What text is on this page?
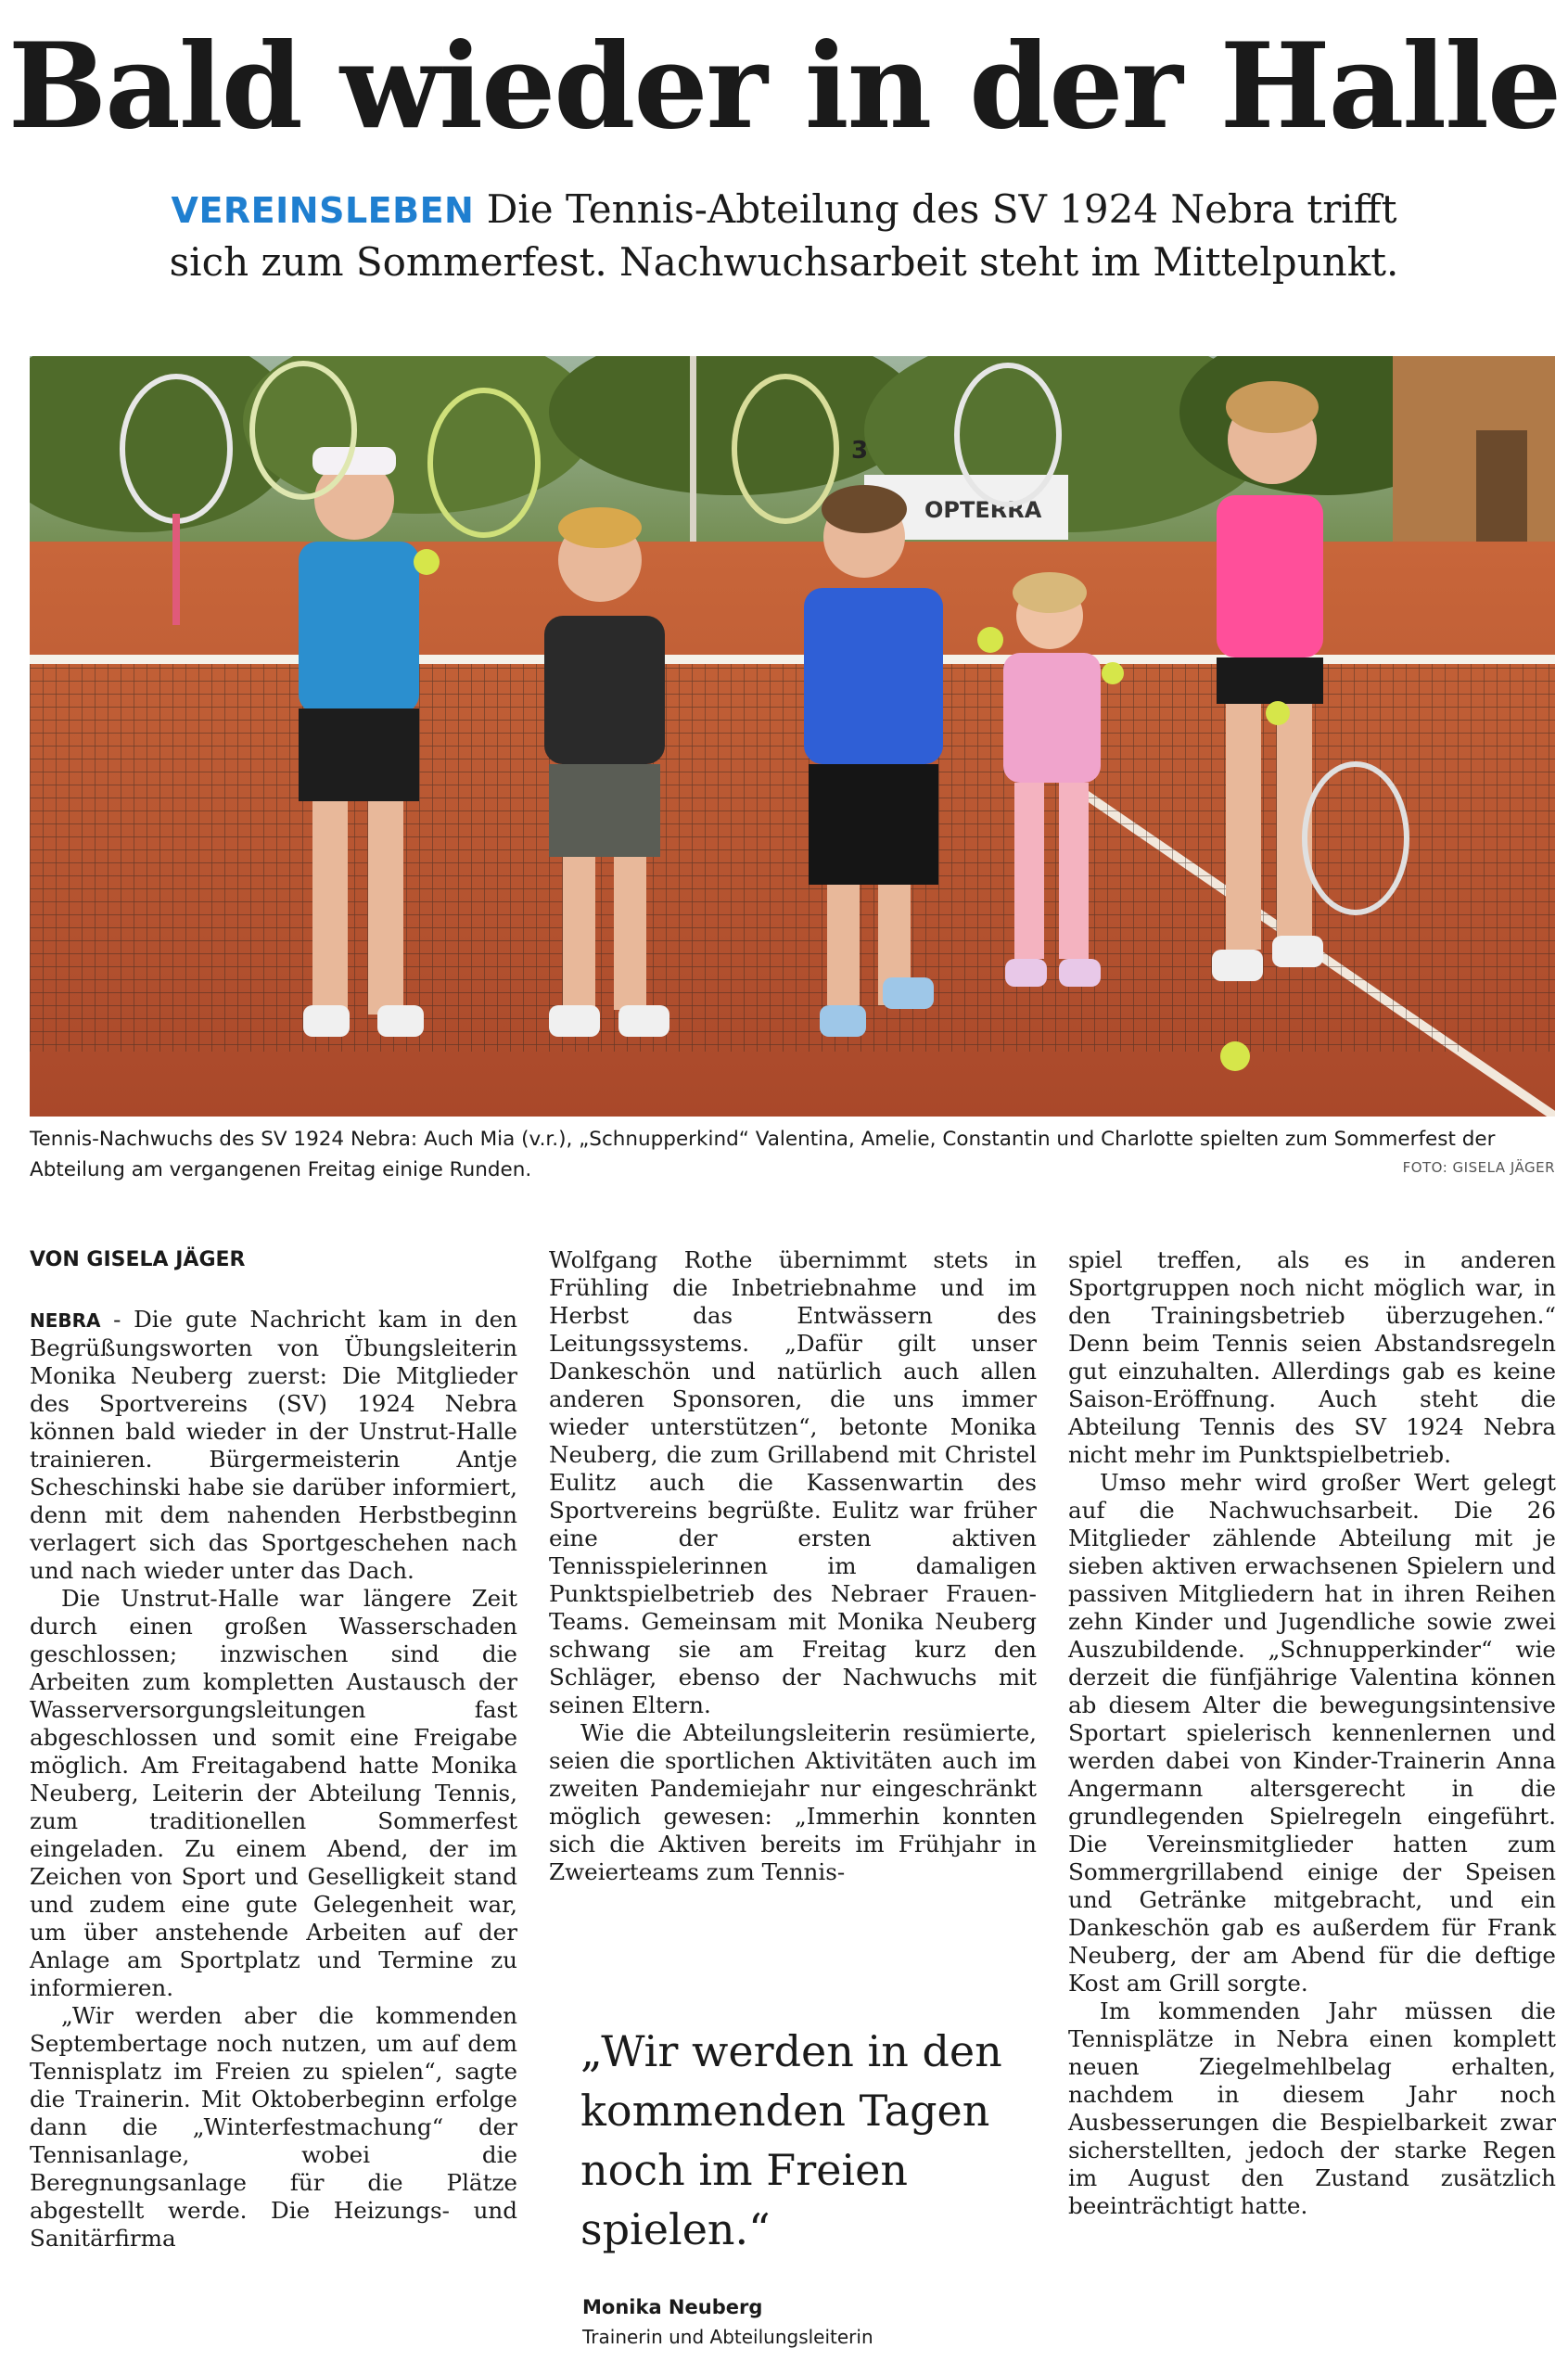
Bald wieder in der Halle
VEREINSLEBEN Die Tennis-Abteilung des SV 1924 Nebra trifft sich zum Sommerfest. Nachwuchsarbeit steht im Mittelpunkt.
3
OPTERRA
Tennis-Nachwuchs des SV 1924 Nebra: Auch Mia (v.r.), „Schnupperkind“ Valentina, Amelie, Constantin und Charlotte spielten zum Sommerfest der Abteilung am vergangenen Freitag einige Runden.	FOTO: GISELA JÄGER
VON GISELA JÄGER

NEBRA - Die gute Nachricht kam in den Begrüßungsworten von Übungsleiterin Monika Neuberg zuerst: Die Mitglieder des Sportvereins (SV) 1924 Nebra können bald wieder in der Unstrut-Halle trainieren. Bürgermeisterin Antje Scheschinski habe sie darüber informiert, denn mit dem nahenden Herbstbeginn verlagert sich das Sportgeschehen nach und nach wieder unter das Dach.

Die Unstrut-Halle war längere Zeit durch einen großen Wasserschaden geschlossen; inzwischen sind die Arbeiten zum kompletten Austausch der Wasserversorgungsleitungen fast abgeschlossen und somit eine Freigabe möglich. Am Freitagabend hatte Monika Neuberg, Leiterin der Abteilung Tennis, zum traditionellen Sommerfest eingeladen. Zu einem Abend, der im Zeichen von Sport und Geselligkeit stand und zudem eine gute Gelegenheit war, um über anstehende Arbeiten auf der Anlage am Sportplatz und Termine zu informieren.

„Wir werden aber die kommenden Septembertage noch nutzen, um auf dem Tennisplatz im Freien zu spielen“, sagte die Trainerin. Mit Oktoberbeginn erfolge dann die „Winterfestmachung“ der Tennisanlage, wobei die Beregnungsanlage für die Plätze abgestellt werde. Die Heizungs- und Sanitärfirma

Wolfgang Rothe übernimmt stets in Frühling die Inbetriebnahme und im Herbst das Entwässern des Leitungssystems. „Dafür gilt unser Dankeschön und natürlich auch allen anderen Sponsoren, die uns immer wieder unterstützen“, betonte Monika Neuberg, die zum Grillabend mit Christel Eulitz auch die Kassenwartin des Sportvereins begrüßte. Eulitz war früher eine der ersten aktiven Tennisspielerinnen im damaligen Punktspielbetrieb des Nebraer Frauen-Teams. Gemeinsam mit Monika Neuberg schwang sie am Freitag kurz den Schläger, ebenso der Nachwuchs mit seinen Eltern.

Wie die Abteilungsleiterin resümierte, seien die sportlichen Aktivitäten auch im zweiten Pandemiejahr nur eingeschränkt möglich gewesen: „Immerhin konnten sich die Aktiven bereits im Frühjahr in Zweierteams zum Tennis-

„Wir werden in den kommenden Tagen noch im Freien spielen.“
Monika Neuberg
Trainerin und Abteilungsleiterin

spiel treffen, als es in anderen Sportgruppen noch nicht möglich war, in den Trainingsbetrieb überzugehen.“ Denn beim Tennis seien Abstandsregeln gut einzuhalten. Allerdings gab es keine Saison-Eröffnung. Auch steht die Abteilung Tennis des SV 1924 Nebra nicht mehr im Punktspielbetrieb.

Umso mehr wird großer Wert gelegt auf die Nachwuchsarbeit. Die 26 Mitglieder zählende Abteilung mit je sieben aktiven erwachsenen Spielern und passiven Mitgliedern hat in ihren Reihen zehn Kinder und Jugendliche sowie zwei Auszubildende. „Schnupperkinder“ wie derzeit die fünfjährige Valentina können ab diesem Alter die bewegungsintensive Sportart spielerisch kennenlernen und werden dabei von Kinder-Trainerin Anna Angermann altersgerecht in die grundlegenden Spielregeln eingeführt. Die Vereinsmitglieder hatten zum Sommergrillabend einige der Speisen und Getränke mitgebracht, und ein Dankeschön gab es außerdem für Frank Neuberg, der am Abend für die deftige Kost am Grill sorgte.

Im kommenden Jahr müssen die Tennisplätze in Nebra einen komplett neuen Ziegelmehlbelag erhalten, nachdem in diesem Jahr noch Ausbesserungen die Bespielbarkeit zwar sicherstellten, jedoch der starke Regen im August den Zustand zusätzlich beeinträchtigt hatte.
